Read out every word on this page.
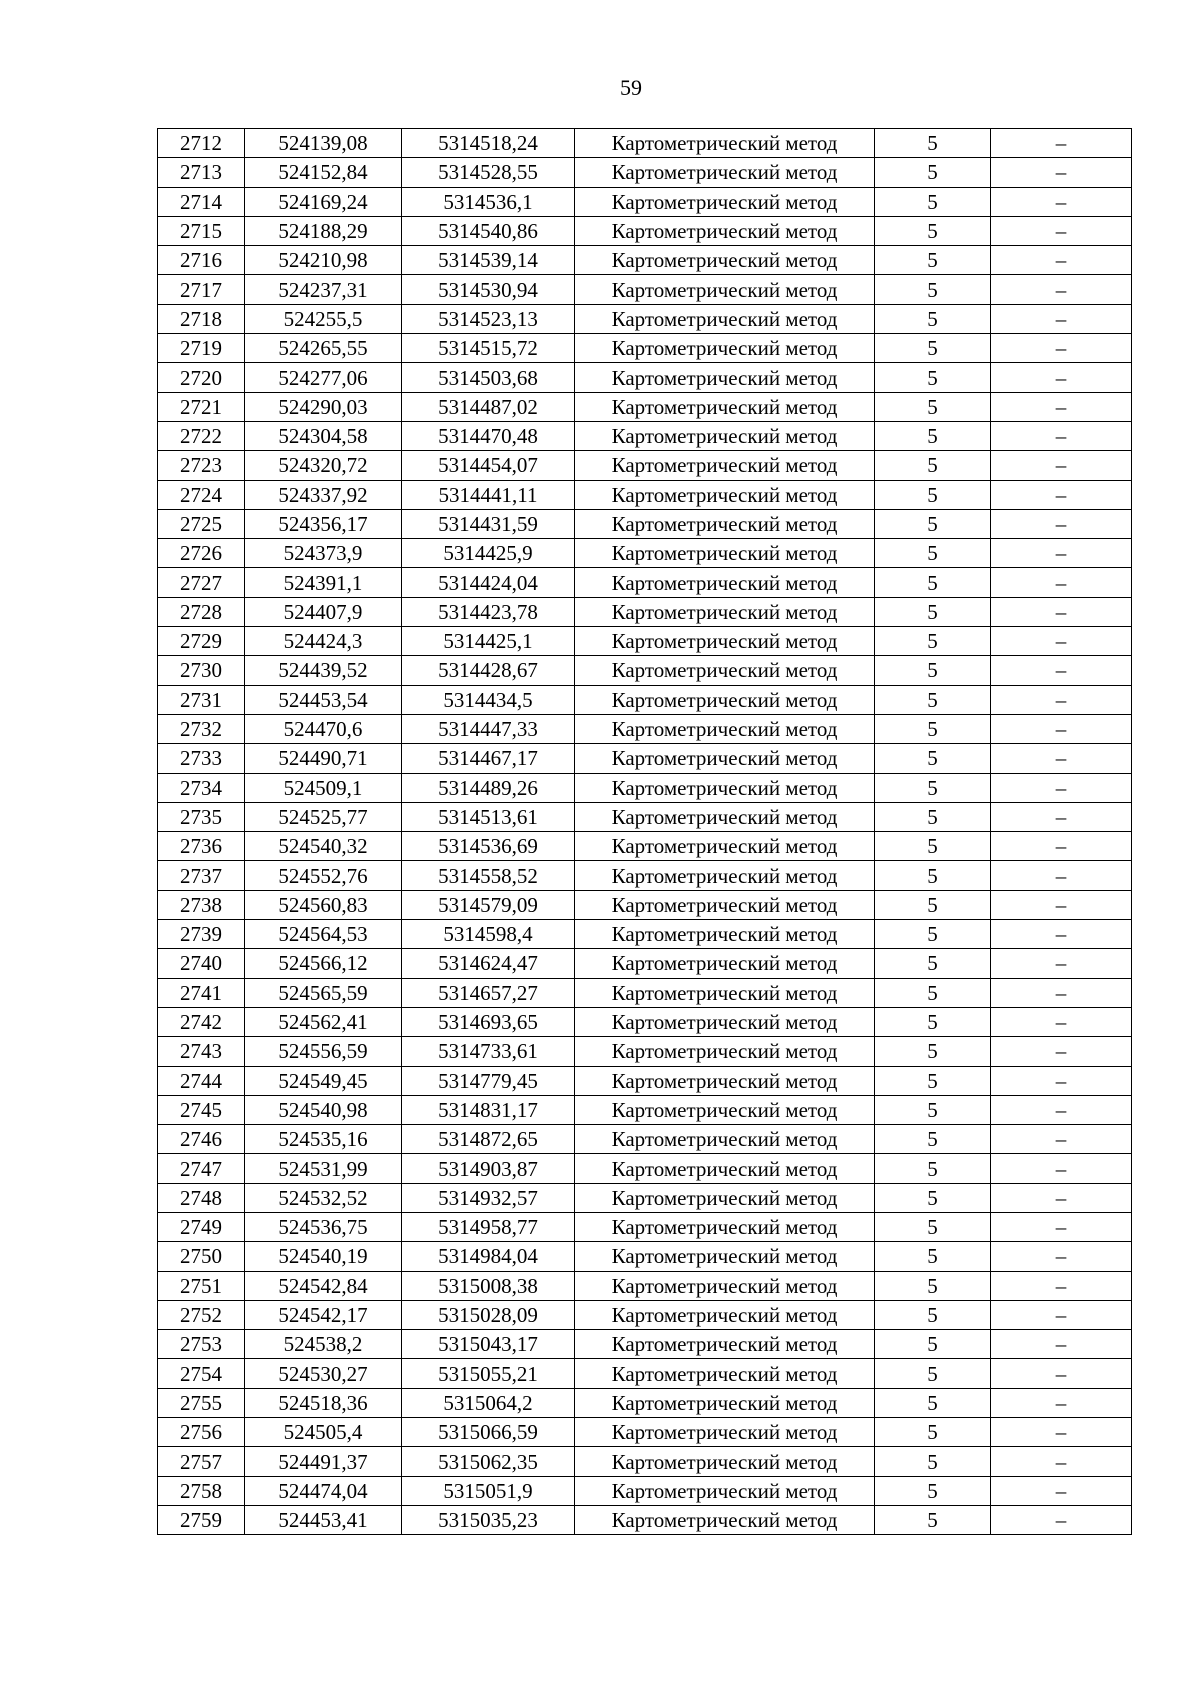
59
2712	524139,08	5314518,24	Картометрический метод	5	–
2713	524152,84	5314528,55	Картометрический метод	5	–
2714	524169,24	5314536,1	Картометрический метод	5	–
2715	524188,29	5314540,86	Картометрический метод	5	–
2716	524210,98	5314539,14	Картометрический метод	5	–
2717	524237,31	5314530,94	Картометрический метод	5	–
2718	524255,5	5314523,13	Картометрический метод	5	–
2719	524265,55	5314515,72	Картометрический метод	5	–
2720	524277,06	5314503,68	Картометрический метод	5	–
2721	524290,03	5314487,02	Картометрический метод	5	–
2722	524304,58	5314470,48	Картометрический метод	5	–
2723	524320,72	5314454,07	Картометрический метод	5	–
2724	524337,92	5314441,11	Картометрический метод	5	–
2725	524356,17	5314431,59	Картометрический метод	5	–
2726	524373,9	5314425,9	Картометрический метод	5	–
2727	524391,1	5314424,04	Картометрический метод	5	–
2728	524407,9	5314423,78	Картометрический метод	5	–
2729	524424,3	5314425,1	Картометрический метод	5	–
2730	524439,52	5314428,67	Картометрический метод	5	–
2731	524453,54	5314434,5	Картометрический метод	5	–
2732	524470,6	5314447,33	Картометрический метод	5	–
2733	524490,71	5314467,17	Картометрический метод	5	–
2734	524509,1	5314489,26	Картометрический метод	5	–
2735	524525,77	5314513,61	Картометрический метод	5	–
2736	524540,32	5314536,69	Картометрический метод	5	–
2737	524552,76	5314558,52	Картометрический метод	5	–
2738	524560,83	5314579,09	Картометрический метод	5	–
2739	524564,53	5314598,4	Картометрический метод	5	–
2740	524566,12	5314624,47	Картометрический метод	5	–
2741	524565,59	5314657,27	Картометрический метод	5	–
2742	524562,41	5314693,65	Картометрический метод	5	–
2743	524556,59	5314733,61	Картометрический метод	5	–
2744	524549,45	5314779,45	Картометрический метод	5	–
2745	524540,98	5314831,17	Картометрический метод	5	–
2746	524535,16	5314872,65	Картометрический метод	5	–
2747	524531,99	5314903,87	Картометрический метод	5	–
2748	524532,52	5314932,57	Картометрический метод	5	–
2749	524536,75	5314958,77	Картометрический метод	5	–
2750	524540,19	5314984,04	Картометрический метод	5	–
2751	524542,84	5315008,38	Картометрический метод	5	–
2752	524542,17	5315028,09	Картометрический метод	5	–
2753	524538,2	5315043,17	Картометрический метод	5	–
2754	524530,27	5315055,21	Картометрический метод	5	–
2755	524518,36	5315064,2	Картометрический метод	5	–
2756	524505,4	5315066,59	Картометрический метод	5	–
2757	524491,37	5315062,35	Картометрический метод	5	–
2758	524474,04	5315051,9	Картометрический метод	5	–
2759	524453,41	5315035,23	Картометрический метод	5	–
